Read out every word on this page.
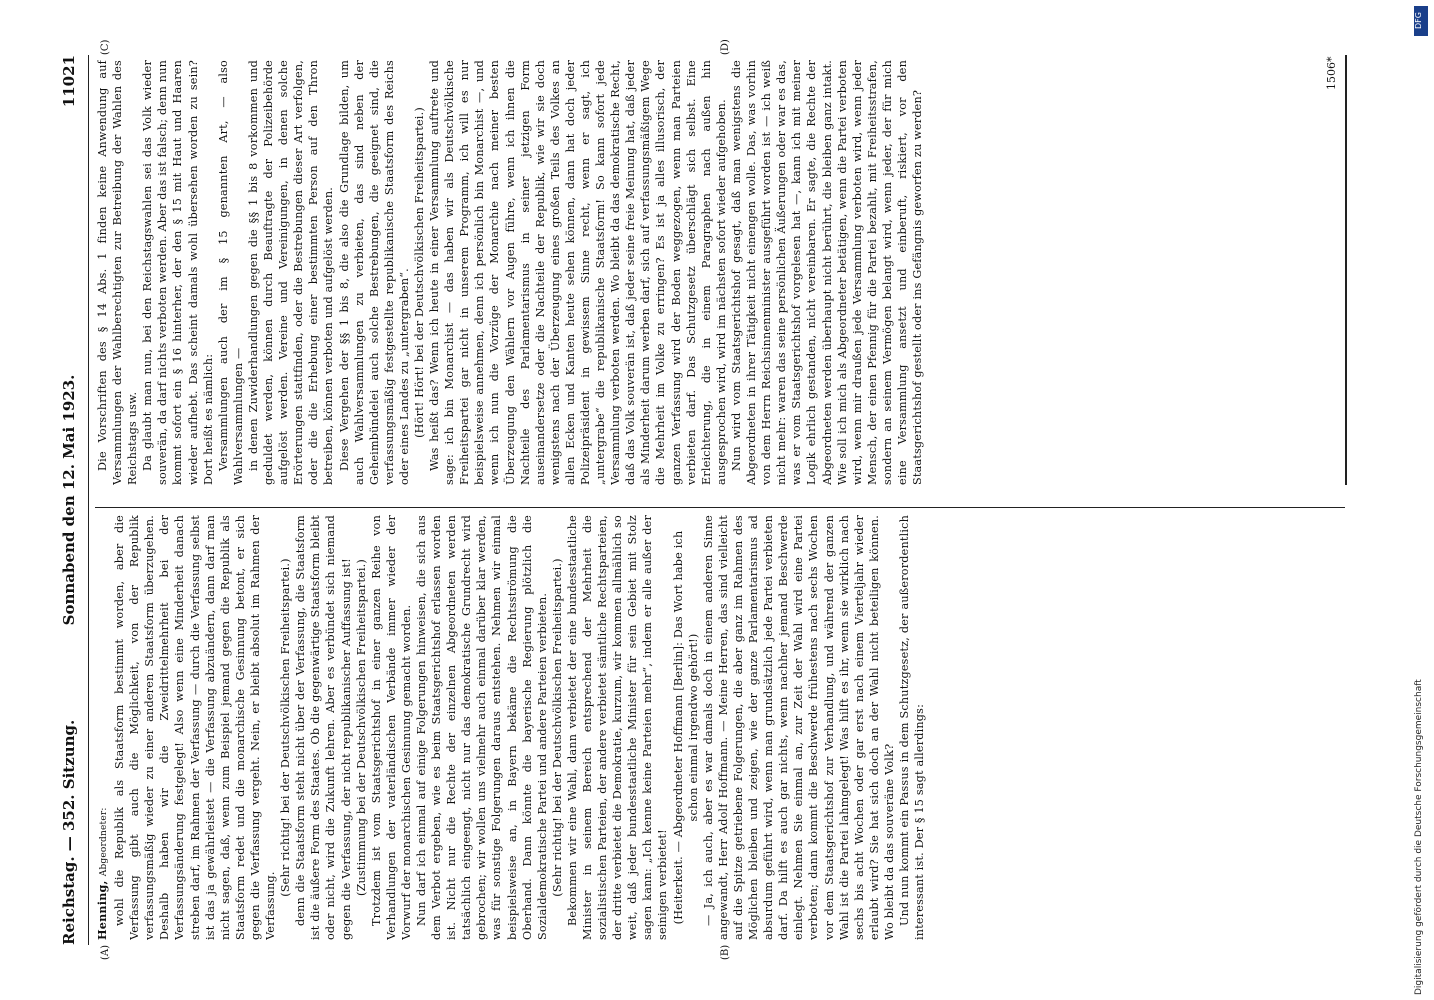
Reichstag. — 352. Sitzung.
Sonnabend den 12. Mai 1923.
11021

Henning, Abgeordneter: wohl die Republik als Staatsform bestimmt worden, aber die Verfassung gibt auch die Möglichkeit, von der Republik verfassungsmäßig wieder zu einer anderen Staatsform überzugehen. Deshalb haben wir die Zweidrittelmehrheit bei der Verfassungsänderung festgelegt! Also wenn eine Minderheit danach streben darf, im Rahmen der Verfassung — durch die Verfassung selbst ist das ja gewährleistet — die Verfassung abzuändern, dann darf man nicht sagen, daß, wenn zum Beispiel jemand gegen die Republik als Staatsform redet und die monarchische Gesinnung betont, er sich gegen die Verfassung vergeht. Nein, er bleibt absolut im Rahmen der Verfassung.

(Sehr richtig! bei der Deutschvölkischen Freiheitspartei.) denn die Staatsform steht nicht über der Verfassung, die Staatsform ist die äußere Form des Staates. Ob die gegenwärtige Staatsform bleibt oder nicht, wird die Zukunft lehren. Aber es verbündet sich niemand gegen die Verfassung, der nicht republikanischer Auffassung ist! (Zustimmung bei der Deutschvölkischen Freiheitspartei.) Trotzdem ist vom Staatsgerichtshof in einer ganzen Reihe von Verhandlungen der vaterländischen Verbände immer wieder der Vorwurf der monarchischen Gesinnung gemacht worden. Nun darf ich einmal auf einige Folgerungen hinweisen, die sich aus dem Verbot ergeben, wie es beim Staatsgerichtshof erlassen worden ist. Nicht nur die Rechte der einzelnen Abgeordneten werden tatsächlich eingeengt, nicht nur das demokratische Grundrecht wird gebrochen; wir wollen uns vielmehr auch einmal darüber klar werden, was für sonstige Folgerungen daraus entstehen. Nehmen wir einmal beispielsweise an, in Bayern bekäme die Rechtsströmung die Oberhand. Dann könnte die bayerische Regierung plötzlich die Sozialdemokratische Partei und andere Parteien verbieten. (Sehr richtig! bei der Deutschvölkischen Freiheitspartei.) Bekommen wir eine Wahl, dann verbietet der eine bundesstaatliche Minister in seinem Bereich entsprechend der Mehrheit die sozialistischen Parteien, der andere verbietet sämtliche Rechtsparteien, der dritte verbietet die Demokratie, kurzum, wir kommen allmählich so weit, daß jeder bundesstaatliche Minister für sein Gebiet mit Stolz sagen kann: „Ich kenne keine Parteien mehr“, indem er alle außer der seinigen verbietet! (Heiterkeit. — Abgeordneter Hoffmann [Berlin]: Das Wort habe ich schon einmal irgendwo gehört!) — Ja, ich auch, aber es war damals doch in einem anderen Sinne angewandt, Herr Adolf Hoffmann. — Meine Herren, das sind vielleicht auf die Spitze getriebene Folgerungen, die aber ganz im Rahmen des Möglichen bleiben und zeigen, wie der ganze Parlamentarismus ad absurdum geführt wird, wenn man grundsätzlich jede Partei verbieten darf. Da hilft es auch gar nichts, wenn nachher jemand Beschwerde einlegt. Nehmen Sie einmal an, zur Zeit der Wahl wird eine Partei verboten; dann kommt die Beschwerde frühestens nach sechs Wochen vor dem Staatsgerichtshof zur Verhandlung, und während der ganzen Wahl ist die Partei lahmgelegt! Was hilft es ihr, wenn sie wirklich nach sechs bis acht Wochen oder gar erst nach einem Vierteljahr wieder erlaubt wird? Sie hat sich doch an der Wahl nicht beteiligen können. Wo bleibt da das souveräne Volk? Und nun kommt ein Passus in dem Schutzgesetz, der außerordentlich interessant ist. Der § 15 sagt allerdings:

Die Vorschriften des § 14 Abs. 1 finden keine Anwendung auf Versammlungen der Wahlberechtigten zur Betreibung der Wahlen des Reichstags usw. Da glaubt man nun, bei den Reichstagswahlen sei das Volk wieder souverän, da darf nichts verboten werden. Aber das ist falsch; denn nun kommt sofort ein § 16 hinterher, der den § 15 mit Haut und Haaren wieder aufhebt. Das scheint damals wohl übersehen worden zu sein? Dort heißt es nämlich: Versammlungen auch der im § 15 genannten Art, — also Wahlversammlungen — in denen Zuwiderhandlungen gegen die §§ 1 bis 8 vorkommen und geduldet werden, können durch Beauftragte der Polizeibehörde aufgelöst werden. Vereine und Vereinigungen, in denen solche Erörterungen stattfinden, oder die Bestrebungen dieser Art verfolgen, oder die die Erhebung einer bestimmten Person auf den Thron betreiben, können verboten und aufgelöst werden. Diese Vergehen der §§ 1 bis 8, die also die Grundlage bilden, um auch Wahlversammlungen zu verbieten, das sind neben der Geheimbündelei auch solche Bestrebungen, die geeignet sind, die verfassungsmäßig festgestellte republikanische Staatsform des Reichs oder eines Landes zu „untergraben“. (Hört! Hört! bei der Deutschvölkischen Freiheitspartei.) Was heißt das? Wenn ich heute in einer Versammlung auftrete und sage: ich bin Monarchist — das haben wir als Deutschvölkische Freiheitspartei gar nicht in unserem Programm, ich will es nur beispielsweise annehmen, denn ich persönlich bin Monarchist —, und wenn ich nun die Vorzüge der Monarchie nach meiner besten Überzeugung den Wählern vor Augen führe, wenn ich ihnen die Nachteile des Parlamentarismus in seiner jetzigen Form auseinandersetze oder die Nachteile der Republik, wie wir sie doch wenigstens nach der Überzeugung eines großen Teils des Volkes an allen Ecken und Kanten heute sehen können, dann hat doch jeder Polizeipräsident in gewissem Sinne recht, wenn er sagt, ich „untergrabe“ die republikanische Staatsform! So kann sofort jede Versammlung verboten werden. Wo bleibt da das demokratische Recht, daß das Volk souverän ist, daß jeder seine freie Meinung hat, daß jeder als Minderheit darum werben darf, sich auf verfassungsmäßigem Wege die Mehrheit im Volke zu erringen? Es ist ja alles illusorisch, der ganzen Verfassung wird der Boden weggezogen, wenn man Parteien verbieten darf. Das Schutzgesetz überschlägt sich selbst. Eine Erleichterung, die in einem Paragraphen nach außen hin ausgesprochen wird, wird im nächsten sofort wieder aufgehoben. Nun wird vom Staatsgerichtshof gesagt, daß man wenigstens die Abgeordneten in ihrer Tätigkeit nicht einengen wolle. Das, was vorhin von dem Herrn Reichsinnenminister ausgeführt worden ist — ich weiß nicht mehr: waren das seine persönlichen Äußerungen oder war es das, was er vom Staatsgerichtshof vorgelesen hat —, kann ich mit meiner Logik ehrlich gestanden, nicht vereinbaren. Er sagte, die Rechte der Abgeordneten werden überhaupt nicht berührt, die bleiben ganz intakt. Wie soll ich mich als Abgeordneter betätigen, wenn die Partei verboten wird, wenn mir draußen jede Versammlung verboten wird, wenn jeder Mensch, der einen Pfennig für die Partei bezahlt, mit Freiheitsstrafen, sondern an seinem Vermögen belangt wird, wenn jeder, der für mich eine Versammlung ansetzt und einberuft, riskiert, vor den Staatsgerichtshof gestellt oder ins Gefängnis geworfen zu werden?

(A)	(B)
(C)	(D)
1506*
Digitalisierung gefördert durch die Deutsche Forschungsgemeinschaft
DFG
